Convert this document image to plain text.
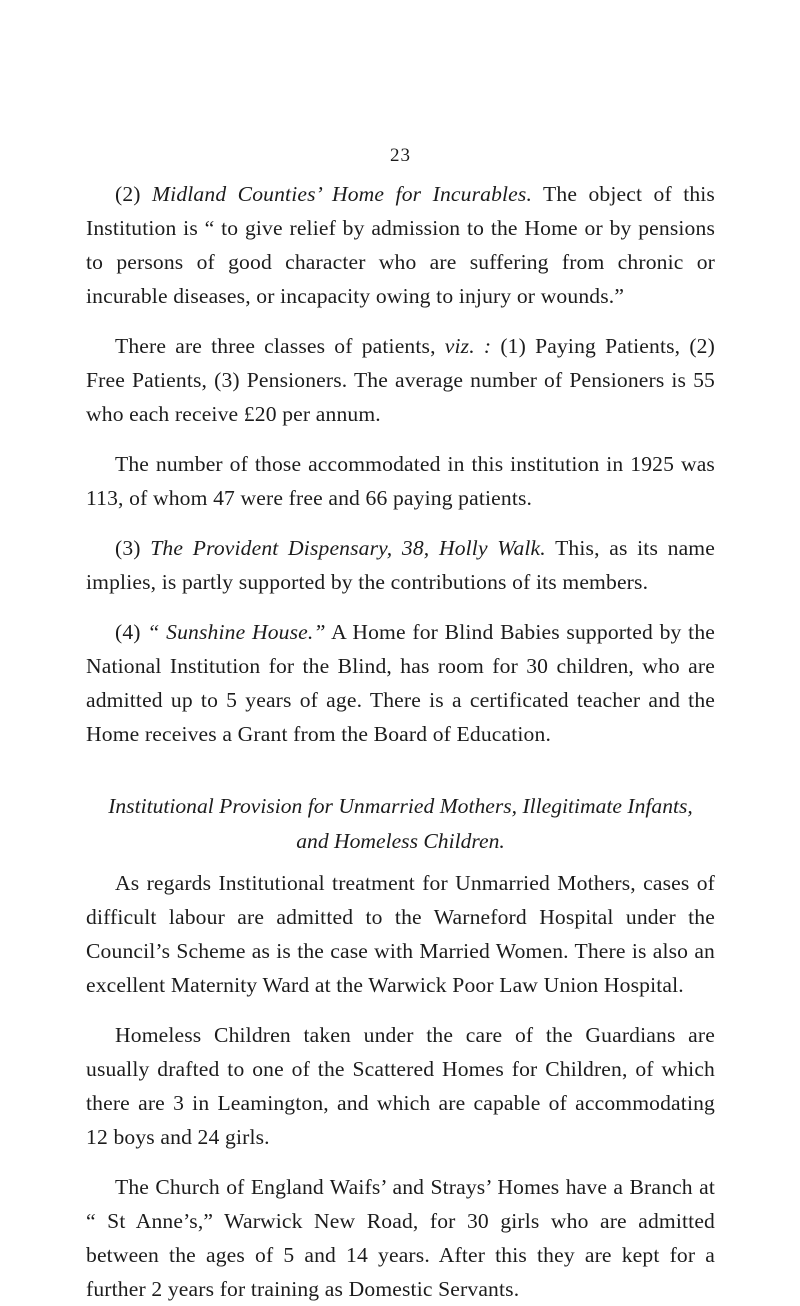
23

(2) Midland Counties’ Home for Incurables. The object of this Institution is “ to give relief by admission to the Home or by pensions to persons of good character who are suffering from chronic or incurable diseases, or incapacity owing to injury or wounds.”

There are three classes of patients, viz. : (1) Paying Patients, (2) Free Patients, (3) Pensioners. The average number of Pensioners is 55 who each receive £20 per annum.

The number of those accommodated in this institution in 1925 was 113, of whom 47 were free and 66 paying patients.

(3) The Provident Dispensary, 38, Holly Walk. This, as its name implies, is partly supported by the contributions of its members.

(4) “ Sunshine House.” A Home for Blind Babies supported by the National Institution for the Blind, has room for 30 children, who are admitted up to 5 years of age. There is a certificated teacher and the Home receives a Grant from the Board of Education.

Institutional Provision for Unmarried Mothers, Illegitimate Infants,
and Homeless Children.

As regards Institutional treatment for Unmarried Mothers, cases of difficult labour are admitted to the Warneford Hospital under the Council’s Scheme as is the case with Married Women. There is also an excellent Maternity Ward at the Warwick Poor Law Union Hospital.

Homeless Children taken under the care of the Guardians are usually drafted to one of the Scattered Homes for Children, of which there are 3 in Leamington, and which are capable of accommodating 12 boys and 24 girls.

The Church of England Waifs’ and Strays’ Homes have a Branch at “ St Anne’s,” Warwick New Road, for 30 girls who are admitted between the ages of 5 and 14 years. After this they are kept for a further 2 years for training as Domestic Servants.
